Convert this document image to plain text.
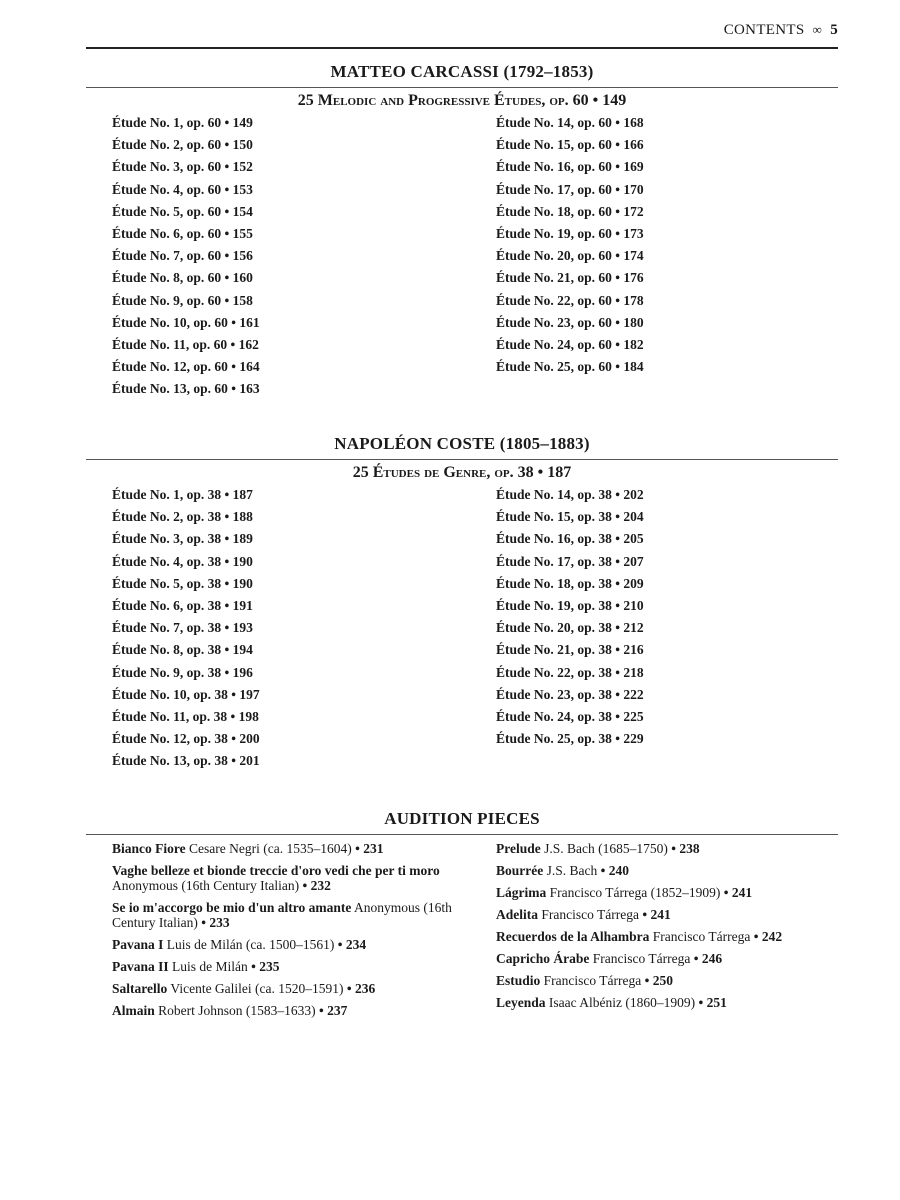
CONTENTS ∞ 5
MATTEO CARCASSI (1792–1853)
25 Melodic and Progressive Études, op. 60 • 149
Étude No. 1, op. 60 • 149
Étude No. 2, op. 60 • 150
Étude No. 3, op. 60 • 152
Étude No. 4, op. 60 • 153
Étude No. 5, op. 60 • 154
Étude No. 6, op. 60 • 155
Étude No. 7, op. 60 • 156
Étude No. 8, op. 60 • 160
Étude No. 9, op. 60 • 158
Étude No. 10, op. 60 • 161
Étude No. 11, op. 60 • 162
Étude No. 12, op. 60 • 164
Étude No. 13, op. 60 • 163
Étude No. 14, op. 60 • 168
Étude No. 15, op. 60 • 166
Étude No. 16, op. 60 • 169
Étude No. 17, op. 60 • 170
Étude No. 18, op. 60 • 172
Étude No. 19, op. 60 • 173
Étude No. 20, op. 60 • 174
Étude No. 21, op. 60 • 176
Étude No. 22, op. 60 • 178
Étude No. 23, op. 60 • 180
Étude No. 24, op. 60 • 182
Étude No. 25, op. 60 • 184
NAPOLÉON COSTE (1805–1883)
25 Études de Genre, op. 38 • 187
Étude No. 1, op. 38 • 187
Étude No. 2, op. 38 • 188
Étude No. 3, op. 38 • 189
Étude No. 4, op. 38 • 190
Étude No. 5, op. 38 • 190
Étude No. 6, op. 38 • 191
Étude No. 7, op. 38 • 193
Étude No. 8, op. 38 • 194
Étude No. 9, op. 38 • 196
Étude No. 10, op. 38 • 197
Étude No. 11, op. 38 • 198
Étude No. 12, op. 38 • 200
Étude No. 13, op. 38 • 201
Étude No. 14, op. 38 • 202
Étude No. 15, op. 38 • 204
Étude No. 16, op. 38 • 205
Étude No. 17, op. 38 • 207
Étude No. 18, op. 38 • 209
Étude No. 19, op. 38 • 210
Étude No. 20, op. 38 • 212
Étude No. 21, op. 38 • 216
Étude No. 22, op. 38 • 218
Étude No. 23, op. 38 • 222
Étude No. 24, op. 38 • 225
Étude No. 25, op. 38 • 229
AUDITION PIECES
Bianco Fiore Cesare Negri (ca. 1535–1604) • 231
Vaghe belleze et bionde treccie d'oro vedi che per ti moro Anonymous (16th Century Italian) • 232
Se io m'accorgo be mio d'un altro amante Anonymous (16th Century Italian) • 233
Pavana I Luis de Milán (ca. 1500–1561) • 234
Pavana II Luis de Milán • 235
Saltarello Vicente Galilei (ca. 1520–1591) • 236
Almain Robert Johnson (1583–1633) • 237
Prelude J.S. Bach (1685–1750) • 238
Bourrée J.S. Bach • 240
Lágrima Francisco Tárrega (1852–1909) • 241
Adelita Francisco Tárrega • 241
Recuerdos de la Alhambra Francisco Tárrega • 242
Capricho Árabe Francisco Tárrega • 246
Estudio Francisco Tárrega • 250
Leyenda Isaac Albéniz (1860–1909) • 251
